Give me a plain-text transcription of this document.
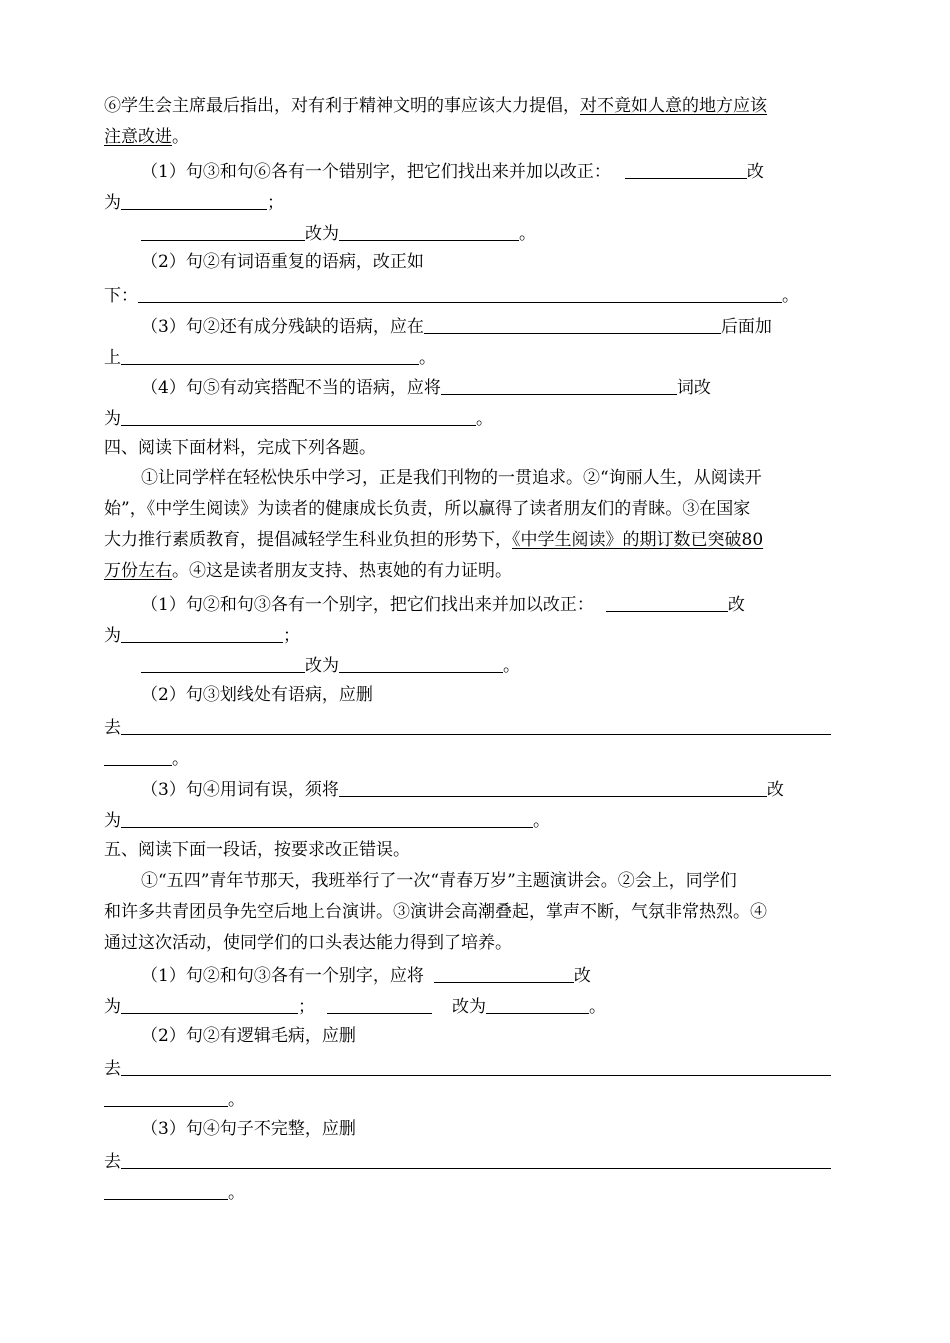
⑥学生会主席最后指出，对有利于精神文明的事应该大力提倡，对不竟如人意的地方应该
注意改进。
（1）句③和句⑥各有一个错别字，把它们找出来并加以改正：	改
为	；
改为	。
（2）句②有词语重复的语病，改正如
下：	。
（3）句②还有成分残缺的语病，应在	后面加
上	。
（4）句⑤有动宾搭配不当的语病，应将	词改
为	。
四、阅读下面材料，完成下列各题。
①让同学样在轻松快乐中学习，正是我们刊物的一贯追求。②“询丽人生，从阅读开
始”，《中学生阅读》为读者的健康成长负责，所以赢得了读者朋友们的青睐。③在国家
大力推行素质教育，提倡减轻学生科业负担的形势下，《中学生阅读》的期订数已突破80
万份左右。④这是读者朋友支持、热衷她的有力证明。
（1）句②和句③各有一个别字，把它们找出来并加以改正：	改
为	；
改为	。
（2）句③划线处有语病，应删
去
。
（3）句④用词有误，须将	改
为	。
五、阅读下面一段话，按要求改正错误。
①“五四”青年节那天，我班举行了一次“青春万岁”主题演讲会。②会上，同学们
和许多共青团员争先空后地上台演讲。③演讲会高潮叠起，掌声不断，气氛非常热烈。④
通过这次活动，使同学们的口头表达能力得到了培养。
（1）句②和句③各有一个别字，应将	改
为	；	改为	。
（2）句②有逻辑毛病，应删
去
。
（3）句④句子不完整，应删
去
。
